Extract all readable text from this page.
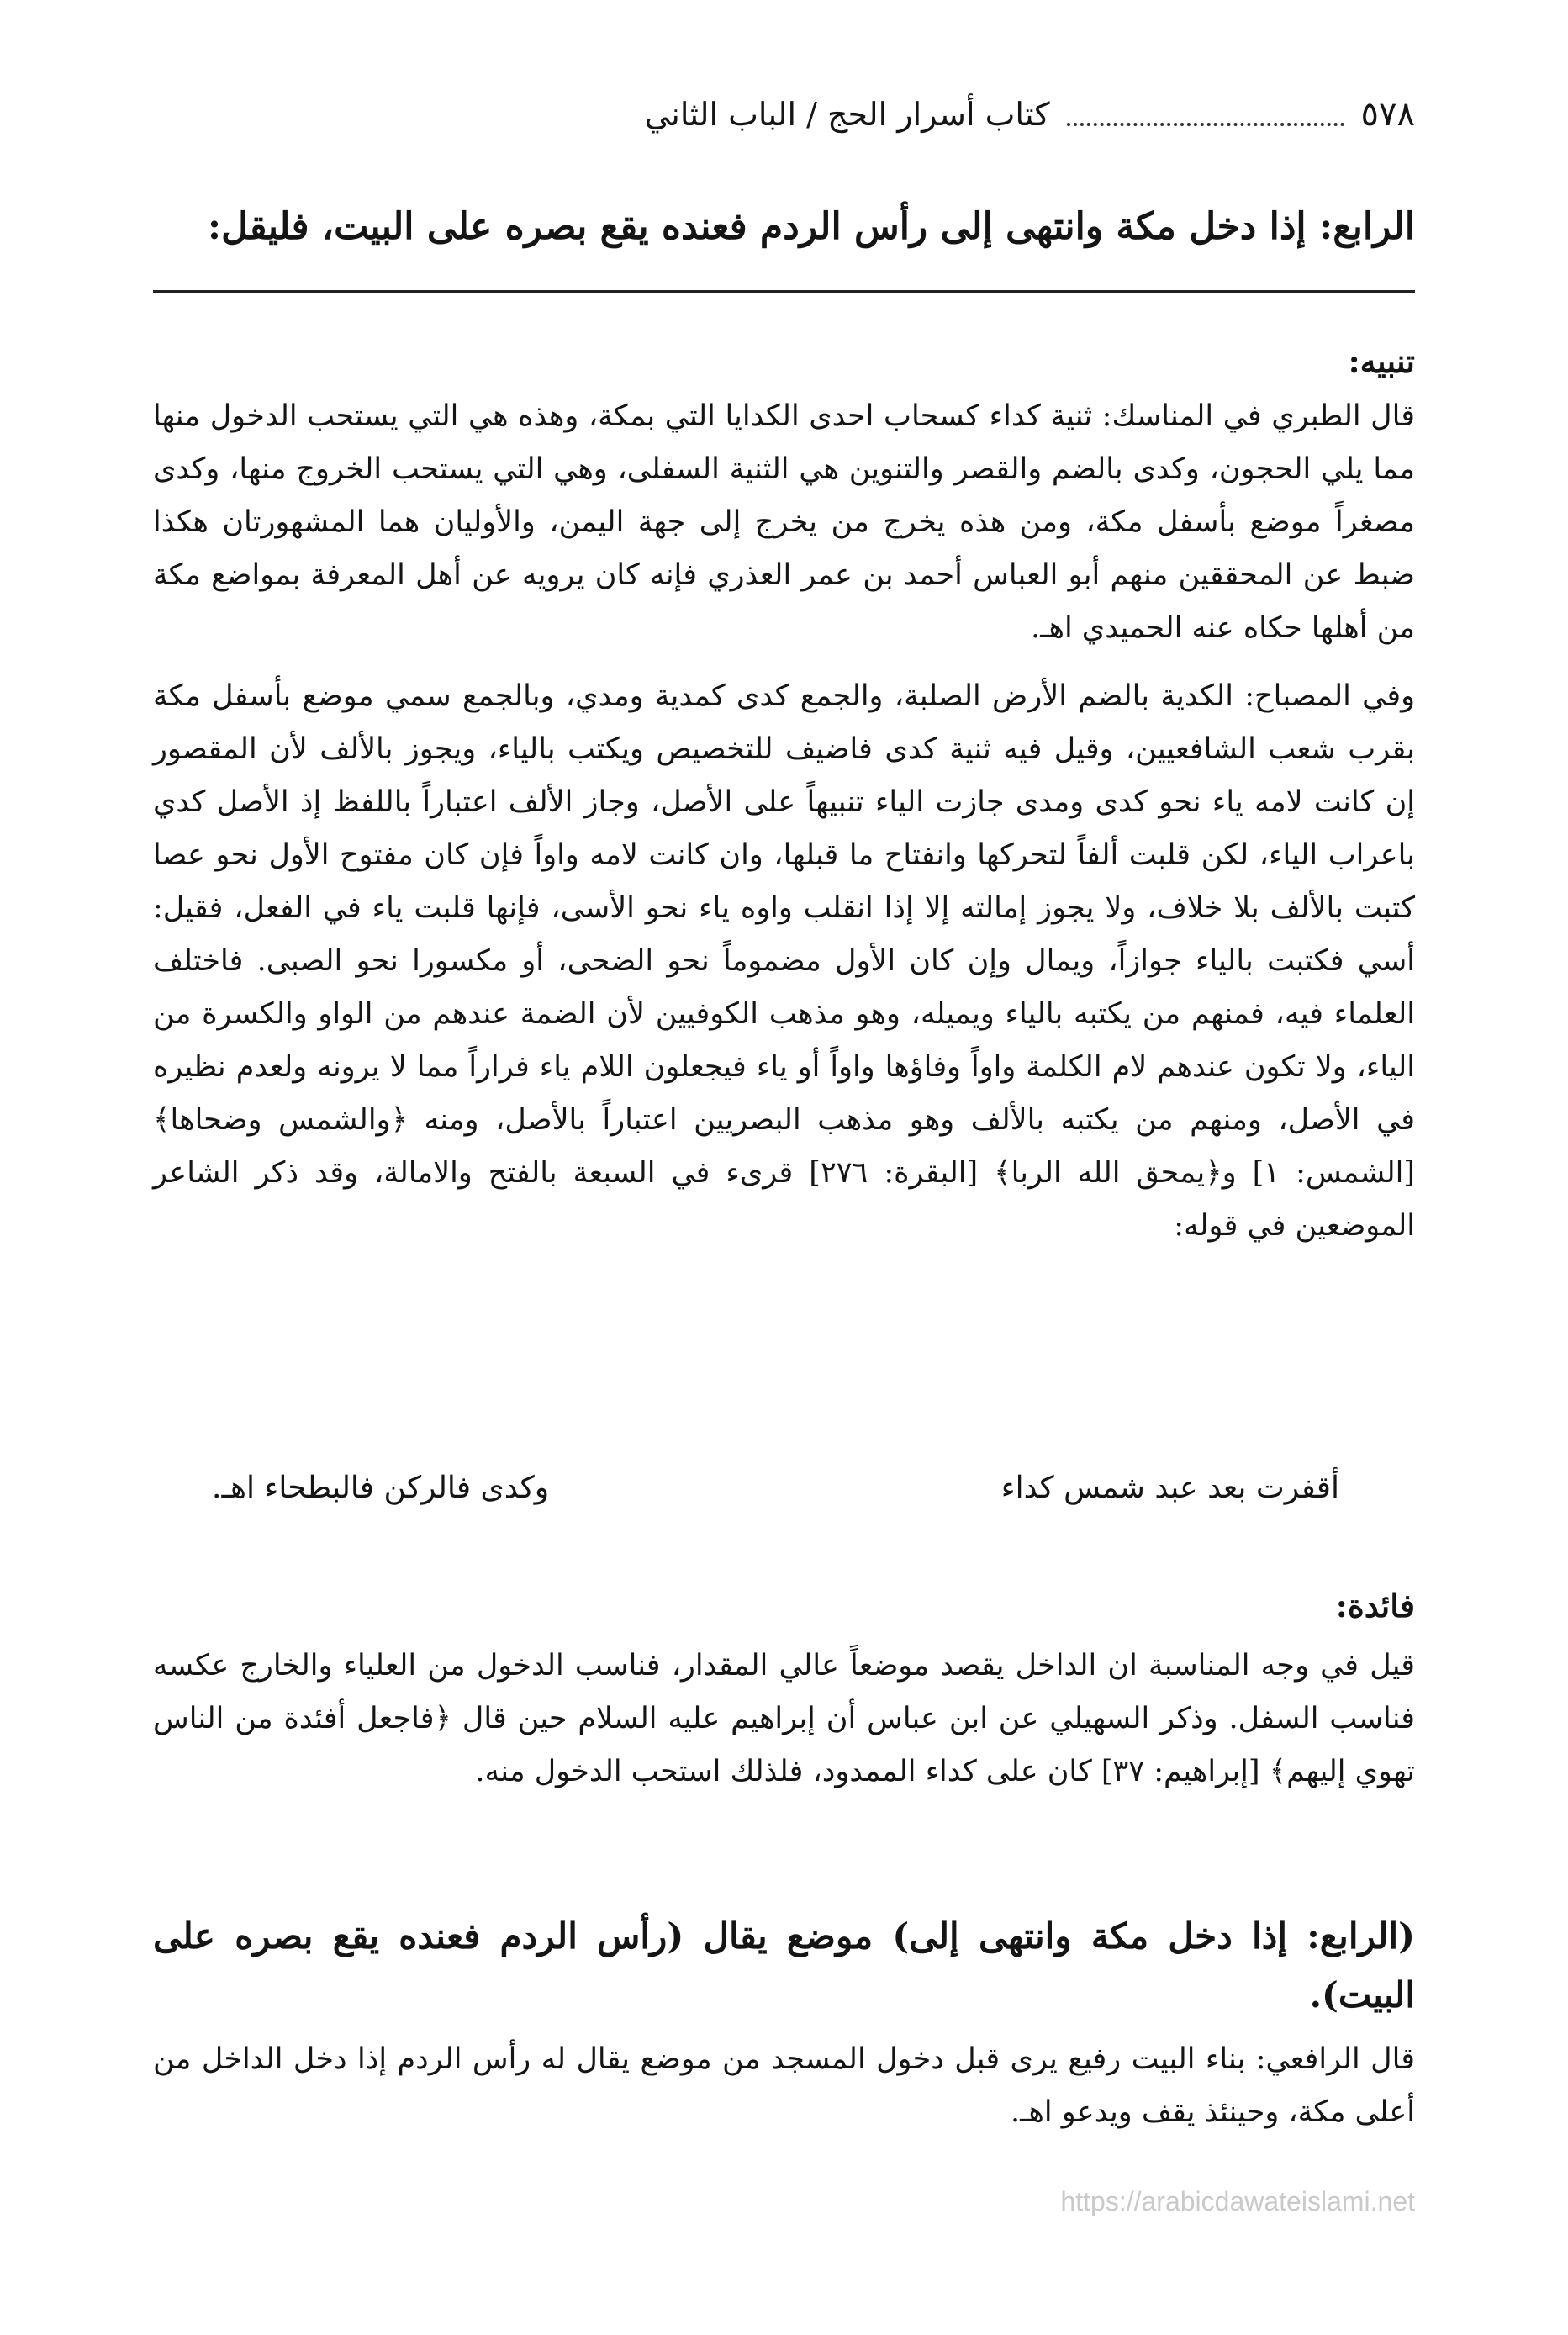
٥٧٨
كتاب أسرار الحج / الباب الثاني
الرابع: إذا دخل مكة وانتهى إلى رأس الردم فعنده يقع بصره على البيت، فليقل:
تنبيه:

قال الطبري في المناسك: ثنية كداء كسحاب احدى الكدايا التي بمكة، وهذه هي التي يستحب الدخول منها مما يلي الحجون، وكدى بالضم والقصر والتنوين هي الثنية السفلى، وهي التي يستحب الخروج منها، وكدى مصغراً موضع بأسفل مكة، ومن هذه يخرج من يخرج إلى جهة اليمن، والأوليان هما المشهورتان هكذا ضبط عن المحققين منهم أبو العباس أحمد بن عمر العذري فإنه كان يرويه عن أهل المعرفة بمواضع مكة من أهلها حكاه عنه الحميدي اهـ.

وفي المصباح: الكدية بالضم الأرض الصلبة، والجمع كدى كمدية ومدي، وبالجمع سمي موضع بأسفل مكة بقرب شعب الشافعيين، وقيل فيه ثنية كدى فاضيف للتخصيص ويكتب بالياء، ويجوز بالألف لأن المقصور إن كانت لامه ياء نحو كدى ومدى جازت الياء تنبيهاً على الأصل، وجاز الألف اعتباراً باللفظ إذ الأصل كدي باعراب الياء، لكن قلبت ألفاً لتحركها وانفتاح ما قبلها، وان كانت لامه واواً فإن كان مفتوح الأول نحو عصا كتبت بالألف بلا خلاف، ولا يجوز إمالته إلا إذا انقلب واوه ياء نحو الأسى، فإنها قلبت ياء في الفعل، فقيل: أسي فكتبت بالياء جوازاً، ويمال وإن كان الأول مضموماً نحو الضحى، أو مكسورا نحو الصبى. فاختلف العلماء فيه، فمنهم من يكتبه بالياء ويميله، وهو مذهب الكوفيين لأن الضمة عندهم من الواو والكسرة من الياء، ولا تكون عندهم لام الكلمة واواً وفاؤها واواً أو ياء فيجعلون اللام ياء فراراً مما لا يرونه ولعدم نظيره في الأصل، ومنهم من يكتبه بالألف وهو مذهب البصريين اعتباراً بالأصل، ومنه ﴿والشمس وضحاها﴾ [الشمس: ١] و﴿يمحق الله الربا﴾ [البقرة: ٢٧٦] قرىء في السبعة بالفتح والامالة، وقد ذكر الشاعر الموضعين في قوله:

أقفرت بعد عبد شمس كداء
وكدى فالركن فالبطحاء اهـ.
فائدة:

قيل في وجه المناسبة ان الداخل يقصد موضعاً عالي المقدار، فناسب الدخول من العلياء والخارج عكسه فناسب السفل. وذكر السهيلي عن ابن عباس أن إبراهيم عليه السلام حين قال ﴿فاجعل أفئدة من الناس تهوي إليهم﴾ [إبراهيم: ٣٧] كان على كداء الممدود، فلذلك استحب الدخول منه.

(الرابع: إذا دخل مكة وانتهى إلى) موضع يقال (رأس الردم فعنده يقع بصره على البيت).

قال الرافعي: بناء البيت رفيع يرى قبل دخول المسجد من موضع يقال له رأس الردم إذا دخل الداخل من أعلى مكة، وحينئذ يقف ويدعو اهـ.

https://arabicdawateislami.net
